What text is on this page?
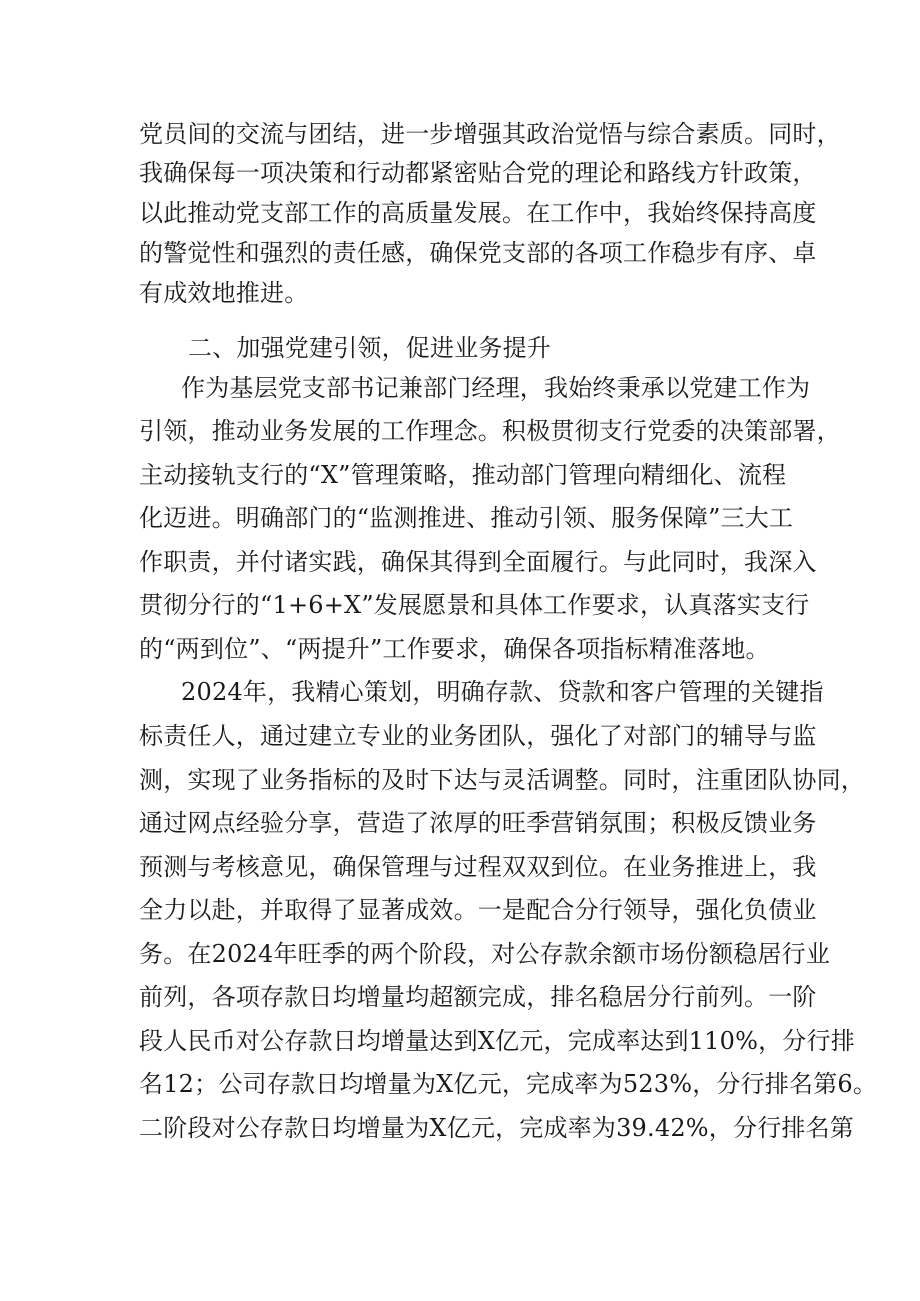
党员间的交流与团结，进一步增强其政治觉悟与综合素质。同时，
我确保每一项决策和行动都紧密贴合党的理论和路线方针政策，
以此推动党支部工作的高质量发展。在工作中，我始终保持高度
的警觉性和强烈的责任感，确保党支部的各项工作稳步有序、卓
有成效地推进。
二、加强党建引领，促进业务提升
作为基层党支部书记兼部门经理，我始终秉承以党建工作为
引领，推动业务发展的工作理念。积极贯彻支行党委的决策部署，
主动接轨支行的“X”管理策略，推动部门管理向精细化、流程
化迈进。明确部门的“监测推进、推动引领、服务保障”三大工
作职责，并付诸实践，确保其得到全面履行。与此同时，我深入
贯彻分行的“1+6+X”发展愿景和具体工作要求，认真落实支行
的“两到位”、“两提升”工作要求，确保各项指标精准落地。
2024年，我精心策划，明确存款、贷款和客户管理的关键指
标责任人，通过建立专业的业务团队，强化了对部门的辅导与监
测，实现了业务指标的及时下达与灵活调整。同时，注重团队协同，
通过网点经验分享，营造了浓厚的旺季营销氛围；积极反馈业务
预测与考核意见，确保管理与过程双双到位。在业务推进上，我
全力以赴，并取得了显著成效。一是配合分行领导，强化负债业
务。在2024年旺季的两个阶段，对公存款余额市场份额稳居行业
前列，各项存款日均增量均超额完成，排名稳居分行前列。一阶
段人民币对公存款日均增量达到X亿元，完成率达到110%，分行排
名12；公司存款日均增量为X亿元，完成率为523%，分行排名第6。
二阶段对公存款日均增量为X亿元，完成率为39.42%，分行排名第
